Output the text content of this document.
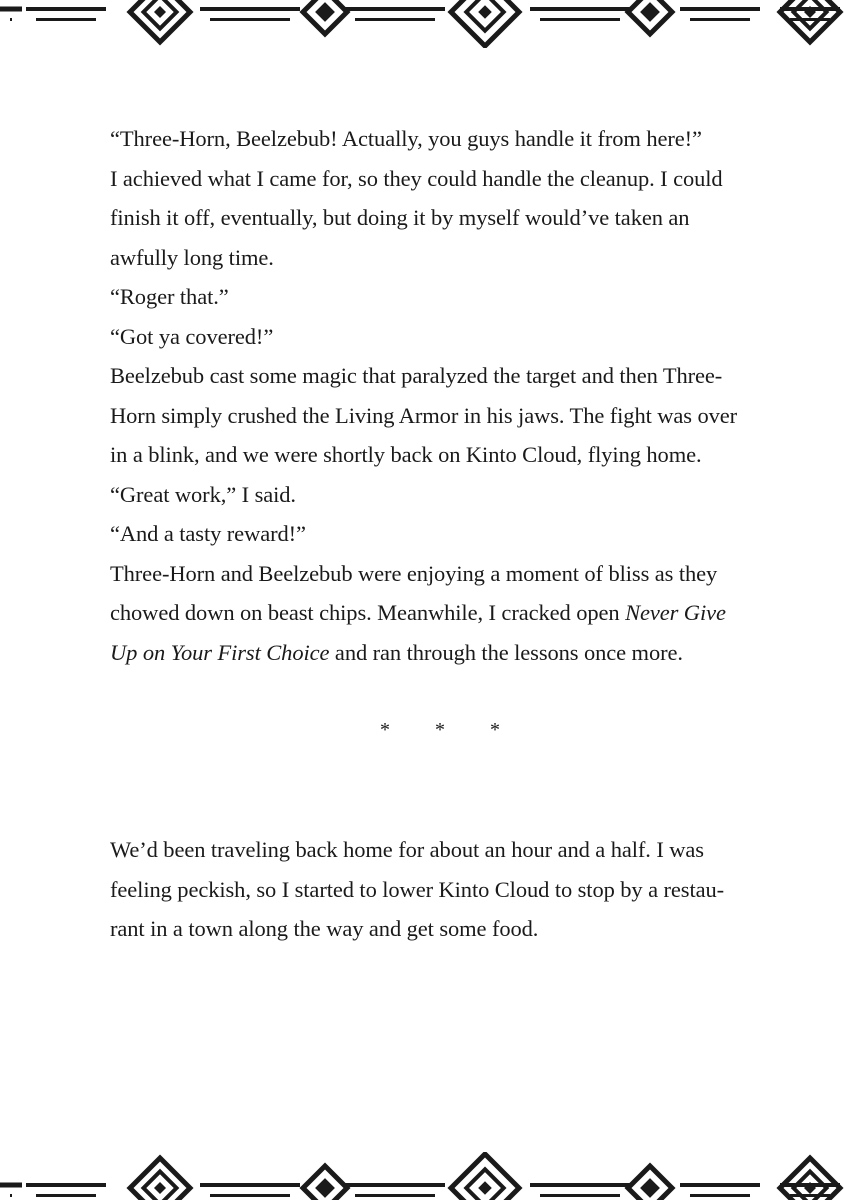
“Three-Horn, Beelzebub! Actually, you guys handle it from here!”
I achieved what I came for, so they could handle the cleanup. I could
finish it off, eventually, but doing it by myself would’ve taken an
awfully long time.
“Roger that.”
“Got ya covered!”
Beelzebub cast some magic that paralyzed the target and then Three-
Horn simply crushed the Living Armor in his jaws. The fight was over
in a blink, and we were shortly back on Kinto Cloud, flying home.
“Great work,” I said.
“And a tasty reward!”
Three-Horn and Beelzebub were enjoying a moment of bliss as they
chowed down on beast chips. Meanwhile, I cracked open Never Give
Up on Your First Choice and ran through the lessons once more.
* * *
We’d been traveling back home for about an hour and a half. I was
feeling peckish, so I started to lower Kinto Cloud to stop by a restau-
rant in a town along the way and get some food.
